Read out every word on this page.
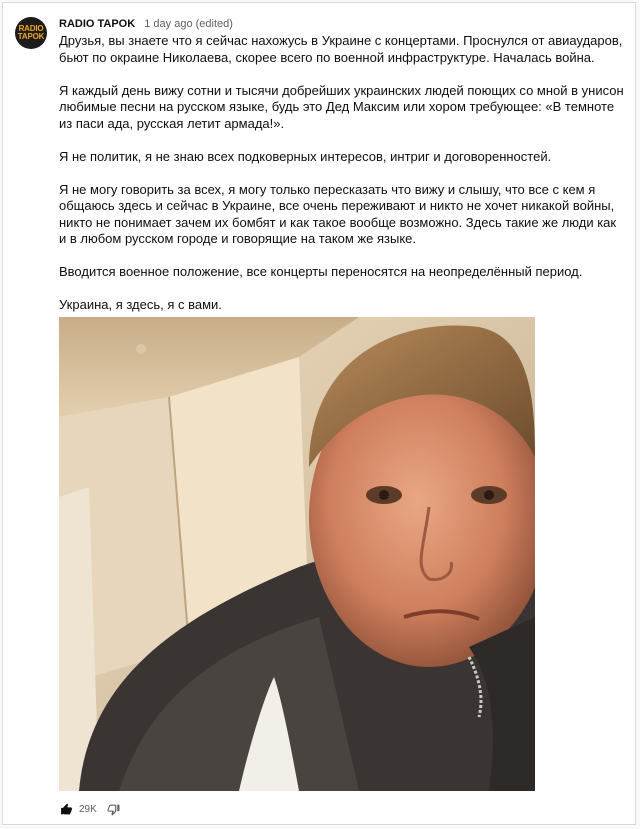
RADIO
TAPOK
RADIO TAPOK 1 day ago (edited)

Друзья, вы знаете что я сейчас нахожусь в Украине с концертами. Проснулся от авиаударов, бьют по окраине Николаева, скорее всего по военной инфраструктуре. Началась война.

Я каждый день вижу сотни и тысячи добрейших украинских людей поющих со мной в унисон любимые песни на русском языке, будь это Дед Максим или хором требующее: «В темноте из паси ада, русская летит армада!».

Я не политик, я не знаю всех подковерных интересов, интриг и договоренностей.

Я не могу говорить за всех, я могу только пересказать что вижу и слышу, что все с кем я общаюсь здесь и сейчас в Украине, все очень переживают и никто не хочет никакой войны, никто не понимает зачем их бомбят и как такое вообще возможно. Здесь такие же люди как и в любом русском городе и говорящие на таком же языке.

Вводится военное положение, все концерты переносятся на неопределённый период.

Украина, я здесь, я с вами.

29K
